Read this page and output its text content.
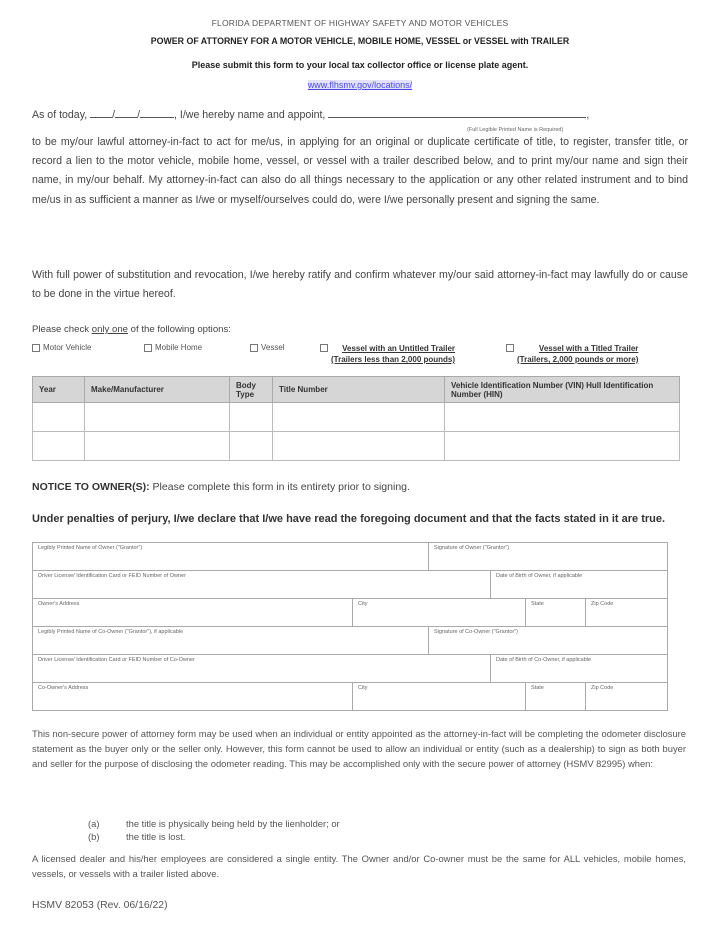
FLORIDA DEPARTMENT OF HIGHWAY SAFETY AND MOTOR VEHICLES
POWER OF ATTORNEY FOR A MOTOR VEHICLE, MOBILE HOME, VESSEL or VESSEL with TRAILER
Please submit this form to your local tax collector office or license plate agent.
www.flhsmv.gov/locations/
As of today, / /	, I/we hereby name and appoint,	,
(Full Legible Printed Name is Required)
to be my/our lawful attorney-in-fact to act for me/us, in applying for an original or duplicate certificate of title, to register, transfer title, or record a lien to the motor vehicle, mobile home, vessel, or vessel with a trailer described below, and to print my/our name and sign their name, in my/our behalf. My attorney-in-fact can also do all things necessary to the application or any other related instrument and to bind me/us in as sufficient a manner as I/we or myself/ourselves could do, were I/we personally present and signing the same.
With full power of substitution and revocation, I/we hereby ratify and confirm whatever my/our said attorney-in-fact may lawfully do or cause to be done in the virtue hereof.
Please check only one of the following options:
Motor Vehicle	Mobile Home	Vessel	Vessel with an Untitled Trailer
(Trailers less than 2,000 pounds)
Vessel with a Titled Trailer
(Trailers, 2,000 pounds or more)
Year	Make/Manufacturer	Body Type	Title Number	Vehicle Identification Number (VIN) Hull Identification Number (HIN)

NOTICE TO OWNER(S): Please complete this form in its entirety prior to signing.
Under penalties of perjury, I/we declare that I/we have read the foregoing document and that the facts stated in it are true.
Legibly Printed Name of Owner ("Grantor")	Signature of Owner ("Grantor")
Driver License/ Identification Card or FEID Number of Owner	Date of Birth of Owner, if applicable
Owner's Address	City	State	Zip Code
Legibly Printed Name of Co-Owner ("Grantor"), if applicable	Signature of Co-Owner ("Grantor")
Driver License/ Identification Card or FEID Number of Co-Owner	Date of Birth of Co-Owner, if applicable
Co-Owner's Address	City	State	Zip Code
This non-secure power of attorney form may be used when an individual or entity appointed as the attorney-in-fact will be completing the odometer disclosure statement as the buyer only or the seller only. However, this form cannot be used to allow an individual or entity (such as a dealership) to sign as both buyer and seller for the purpose of disclosing the odometer reading. This may be accomplished only with the secure power of attorney (HSMV 82995) when:
(a)	the title is physically being held by the lienholder; or
(b)	the title is lost.
A licensed dealer and his/her employees are considered a single entity. The Owner and/or Co-owner must be the same for ALL vehicles, mobile homes, vessels, or vessels with a trailer listed above.
HSMV 82053 (Rev. 06/16/22)
